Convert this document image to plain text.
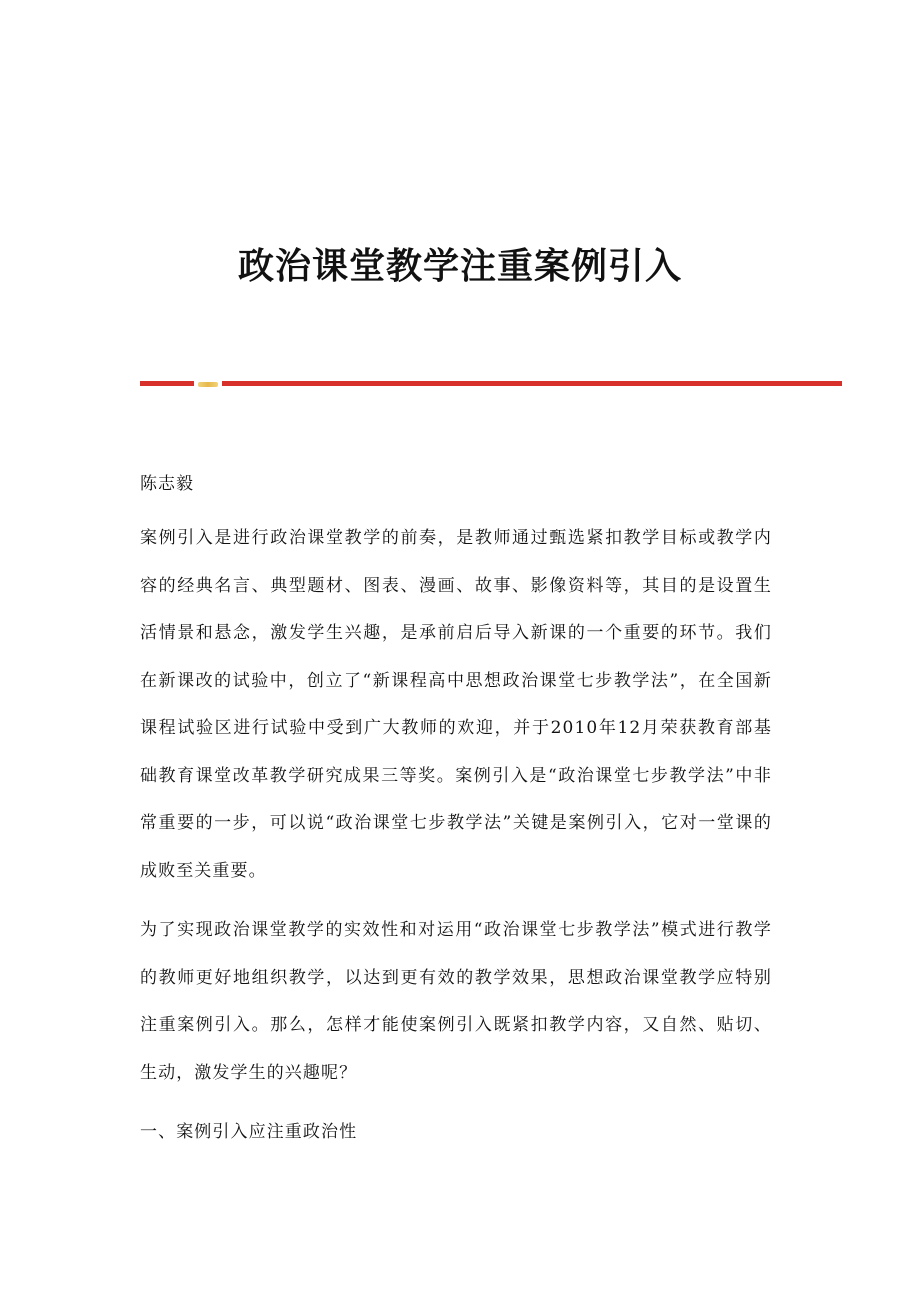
政治课堂教学注重案例引入
陈志毅

案例引入是进行政治课堂教学的前奏，是教师通过甄选紧扣教学目标或教学内容的经典名言、典型题材、图表、漫画、故事、影像资料等，其目的是设置生活情景和悬念，激发学生兴趣，是承前启后导入新课的一个重要的环节。我们在新课改的试验中，创立了“新课程高中思想政治课堂七步教学法”，在全国新课程试验区进行试验中受到广大教师的欢迎，并于2010年12月荣获教育部基础教育课堂改革教学研究成果三等奖。案例引入是“政治课堂七步教学法”中非常重要的一步，可以说“政治课堂七步教学法”关键是案例引入，它对一堂课的成败至关重要。

为了实现政治课堂教学的实效性和对运用“政治课堂七步教学法”模式进行教学的教师更好地组织教学，以达到更有效的教学效果，思想政治课堂教学应特别注重案例引入。那么，怎样才能使案例引入既紧扣教学内容，又自然、贴切、生动，激发学生的兴趣呢？

一、案例引入应注重政治性
